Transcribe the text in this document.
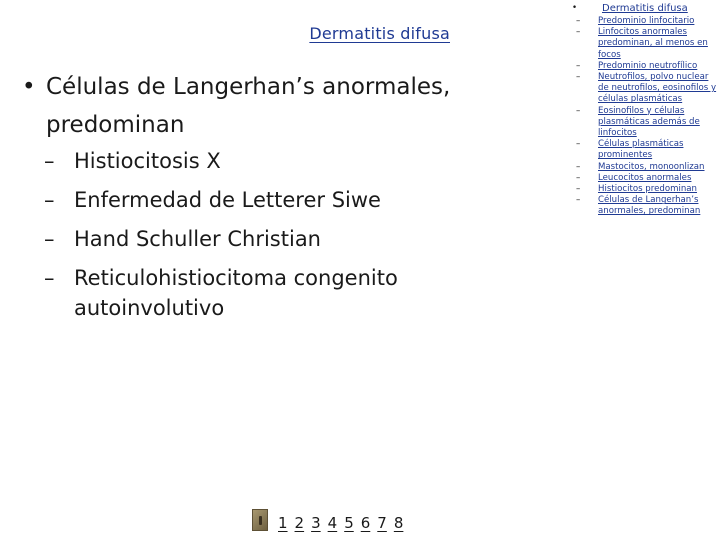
Dermatitis difusa
• Células de Langerhan’s anormales, predominan
– Histiocitosis X
– Enfermedad de Letterer Siwe
– Hand Schuller Christian
– Reticulohistiocitoma congenito autoinvolutivo
1 2 3 4 5 6 7 8
• Dermatitis difusa
– Predominio linfocitario
– Linfocitos anormales predominan, al menos en focos
– Predominio neutrofílico
– Neutrofilos, polvo nuclear de neutrofilos, eosinofilos y células plasmáticas
– Eosinofilos y células plasmáticas además de linfocitos
– Células plasmáticas prominentes
– Mastocitos, monoonlizan
– Leucocitos anormales
– Histiocitos predominan
– Células de Langerhan’s anormales, predominan
